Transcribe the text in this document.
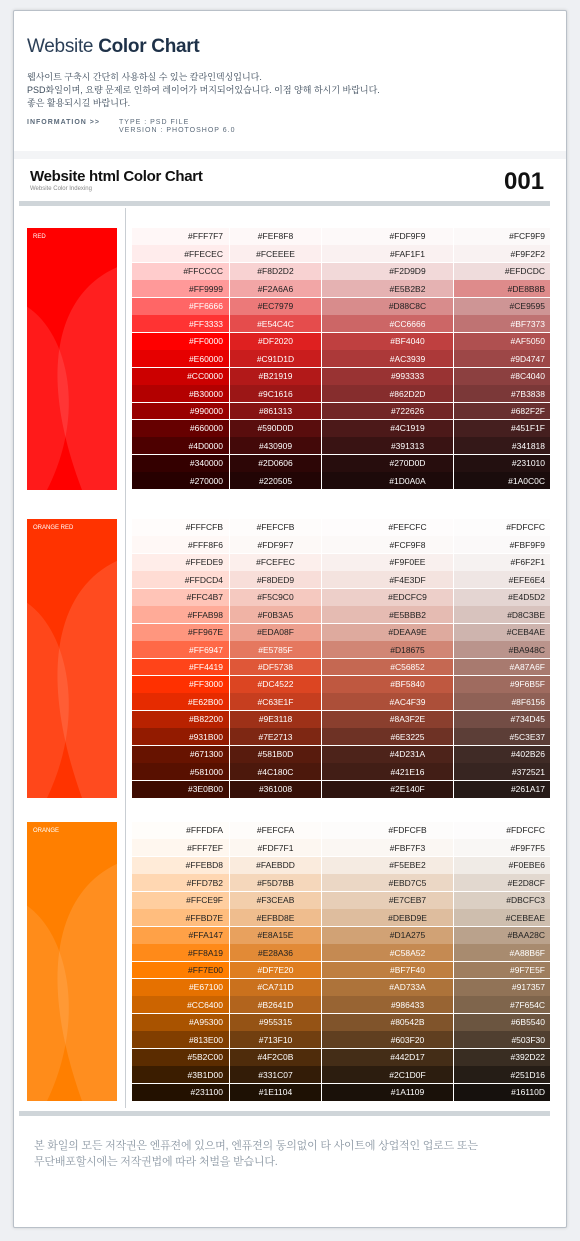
Website Color Chart
웹사이트 구축시 간단히 사용하실 수 있는 칼라인덱싱입니다.
PSD화일이며, 요량 문제로 인하여 레이어가 머지되어있습니다. 이점 양해 하시기 바랍니다.
좋은 활용되시길 바랍니다.
INFORMATION >>	TYPE : PSD FILE
VERSION : PHOTOSHOP 6.0
Website html Color Chart
Website Color Indexing	001
RED	#FFF7F7	#FEF8F8	#FDF9F9	#FCF9F9
#FFECEC	#FCEEEE	#FAF1F1	#F9F2F2
#FFCCCC	#F8D2D2	#F2D9D9	#EFDCDC
#FF9999	#F2A6A6	#E5B2B2	#DE8B8B
#FF6666	#EC7979	#D88C8C	#CE9595
#FF3333	#E54C4C	#CC6666	#BF7373
#FF0000	#DF2020	#BF4040	#AF5050
#E60000	#C91D1D	#AC3939	#9D4747
#CC0000	#B21919	#993333	#8C4040
#B30000	#9C1616	#862D2D	#7B3838
#990000	#861313	#722626	#682F2F
#660000	#590D0D	#4C1919	#451F1F
#4D0000	#430909	#391313	#341818
#340000	#2D0606	#270D0D	#231010
#270000	#220505	#1D0A0A	#1A0C0C
ORANGE RED	#FFFCFB	#FEFCFB	#FEFCFC	#FDFCFC
#FFF8F6	#FDF9F7	#FCF9F8	#FBF9F9
#FFEDE9	#FCEFEC	#F9F0EE	#F6F2F1
#FFDCD4	#F8DED9	#F4E3DF	#EFE6E4
#FFC4B7	#F5C9C0	#EDCFC9	#E4D5D2
#FFAB98	#F0B3A5	#E5BBB2	#D8C3BE
#FF967E	#EDA08F	#DEAA9E	#CEB4AE
#FF6947	#E5785F	#D18675	#BA948C
#FF4419	#DF5738	#C56852	#A87A6F
#FF3000	#DC4522	#BF5840	#9F6B5F
#E62B00	#C63E1F	#AC4F39	#8F6156
#B82200	#9E3118	#8A3F2E	#734D45
#931B00	#7E2713	#6E3225	#5C3E37
#671300	#581B0D	#4D231A	#402B26
#581000	#4C180C	#421E16	#372521
#3E0B00	#361008	#2E140F	#261A17
ORANGE	#FFFDFA	#FEFCFA	#FDFCFB	#FDFCFC
#FFF7EF	#FDF7F1	#FBF7F3	#F9F7F5
#FFEBD8	#FAEBDD	#F5EBE2	#F0EBE6
#FFD7B2	#F5D7BB	#EBD7C5	#E2D8CF
#FFCE9F	#F3CEAB	#E7CEB7	#DBCFC3
#FFBD7E	#EFBD8E	#DEBD9E	#CEBEAE
#FFA147	#E8A15E	#D1A275	#BAA28C
#FF8A19	#E28A36	#C58A52	#A88B6F
#FF7E00	#DF7E20	#BF7F40	#9F7E5F
#E67100	#CA711D	#AD733A	#917357
#CC6400	#B2641D	#986433	#7F654C
#A95300	#955315	#80542B	#6B5540
#813E00	#713F10	#603F20	#503F30
#5B2C00	#4F2C0B	#442D17	#392D22
#3B1D00	#331C07	#2C1D0F	#251D16
#231100	#1E1104	#1A1109	#16110D
본 화일의 모든 저작권은 엔퓨젼에 있으며, 엔퓨젼의 동의없이 타 사이트에 상업적인 업로드 또는
무단배포할시에는 저작권법에 따라 처벌을 받습니다.
